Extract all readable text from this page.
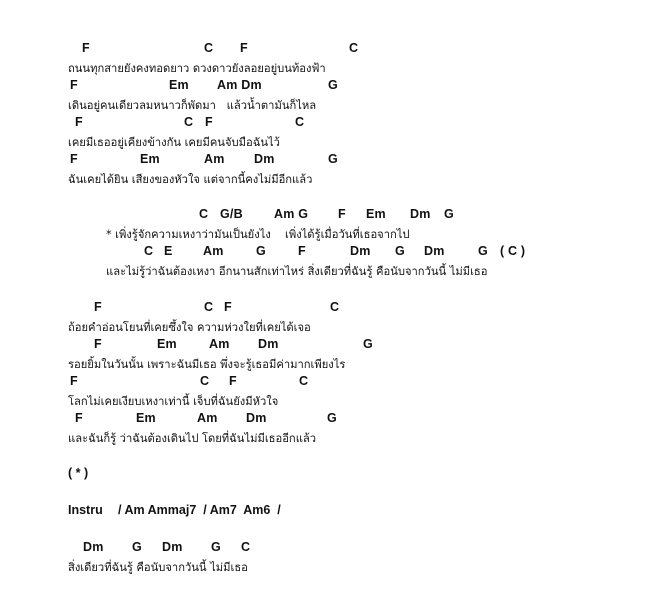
F	C F	C
ถนนทุกสายยังคงทอดยาว ดวงดาวยังลอยอยู่บนท้องฟ้า
F	Em Am Dm	G
เดินอยู่คนเดียวลมหนาวก็พัดมา   แล้วน้ำตามันก็ไหล
F	C F	C
เคยมีเธออยู่เคียงข้างกัน เคยมีคนจับมือฉันไว้
F	Em	Am Dm	G
ฉันเคยได้ยิน เสียงของหัวใจ แต่จากนี้คงไม่มีอีกแล้ว
C G/B Am G F Em Dm G
* เพิ่งรู้จักความเหงาว่ามันเป็นยังไง    เพิ่งได้รู้เมื่อวันที่เธอจากไป
C E Am	G	F	Dm G Dm	G ( C )
และไม่รู้ว่าฉันต้องเหงา อีกนานสักเท่าไหร่ สิ่งเดียวที่ฉันรู้ คือนับจากวันนี้ ไม่มีเธอ
F	C F	C
ถ้อยคำอ่อนโยนที่เคยซึ้งใจ ความห่วงใยที่เคยได้เจอ
F	Em	Am Dm	G
รอยยิ้มในวันนั้น เพราะฉันมีเธอ พึ่งจะรู้เธอมีค่ามากเพียงไร
F	C F	C
โลกไม่เคยเงียบเหงาเท่านี้ เจ็บที่ฉันยังมีหัวใจ
F	Em	Am Dm	G
และฉันก็รู้ ว่าฉันต้องเดินไป โดยที่ฉันไม่มีเธออีกแล้ว
( * )
Instru / Am Ammaj7  / Am7  Am6  /
Dm G Dm G C
สิ่งเดียวที่ฉันรู้ คือนับจากวันนี้ ไม่มีเธอ
